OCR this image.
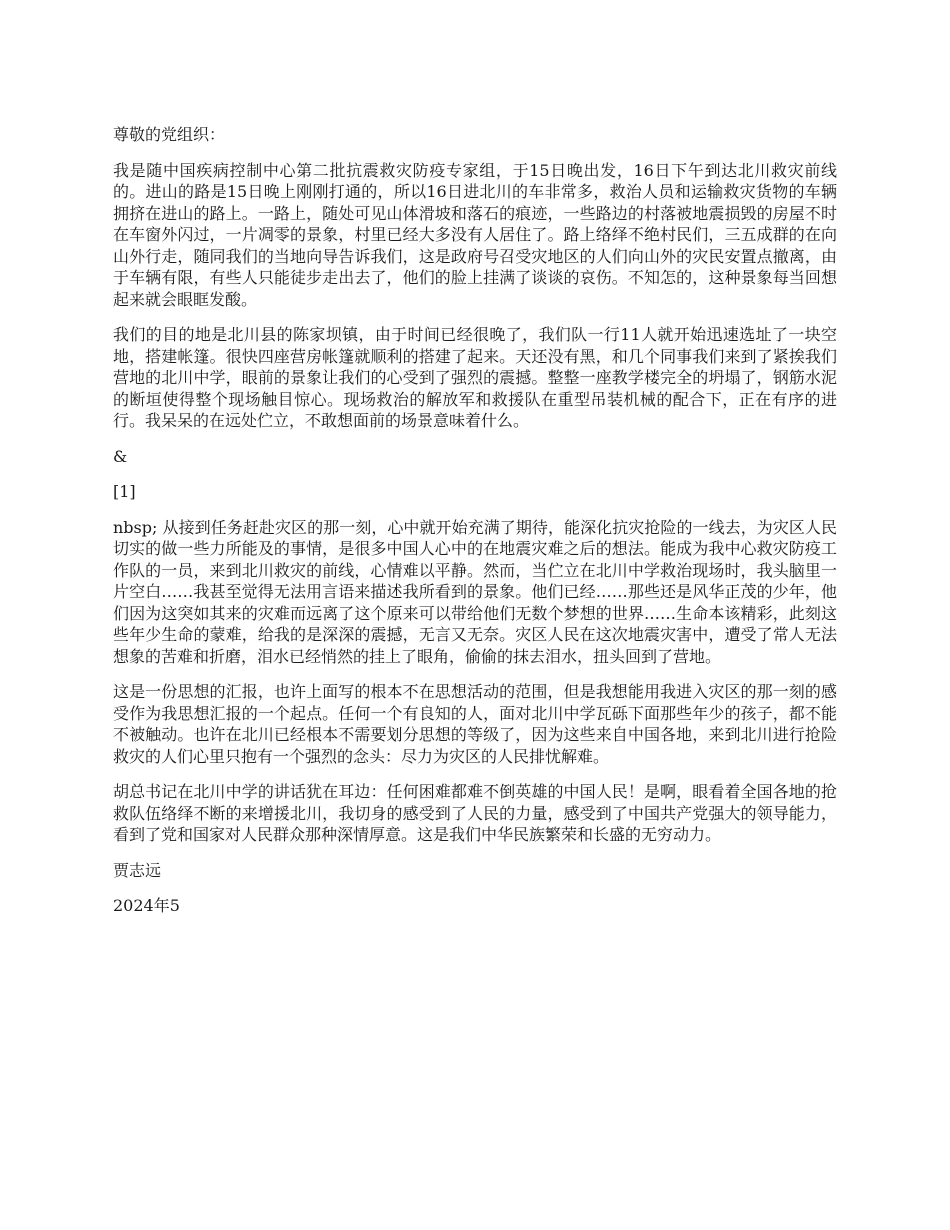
尊敬的党组织：

我是随中国疾病控制中心第二批抗震救灾防疫专家组，于15日晚出发，16日下午到达北川救灾前线的。进山的路是15日晚上刚刚打通的，所以16日进北川的车非常多，救治人员和运输救灾货物的车辆拥挤在进山的路上。一路上，随处可见山体滑坡和落石的痕迹，一些路边的村落被地震损毁的房屋不时在车窗外闪过，一片凋零的景象，村里已经大多没有人居住了。路上络绎不绝村民们，三五成群的在向山外行走，随同我们的当地向导告诉我们，这是政府号召受灾地区的人们向山外的灾民安置点撤离，由于车辆有限，有些人只能徒步走出去了，他们的脸上挂满了谈谈的哀伤。不知怎的，这种景象每当回想起来就会眼眶发酸。

我们的目的地是北川县的陈家坝镇，由于时间已经很晚了，我们队一行11人就开始迅速选址了一块空地，搭建帐篷。很快四座营房帐篷就顺利的搭建了起来。天还没有黑，和几个同事我们来到了紧挨我们营地的北川中学，眼前的景象让我们的心受到了强烈的震撼。整整一座教学楼完全的坍塌了，钢筋水泥的断垣使得整个现场触目惊心。现场救治的解放军和救援队在重型吊装机械的配合下，正在有序的进行。我呆呆的在远处伫立，不敢想面前的场景意味着什么。

&

[1]

nbsp; 从接到任务赶赴灾区的那一刻，心中就开始充满了期待，能深化抗灾抢险的一线去，为灾区人民切实的做一些力所能及的事情，是很多中国人心中的在地震灾难之后的想法。能成为我中心救灾防疫工作队的一员，来到北川救灾的前线，心情难以平静。然而，当伫立在北川中学救治现场时，我头脑里一片空白……我甚至觉得无法用言语来描述我所看到的景象。他们已经……那些还是风华正茂的少年，他们因为这突如其来的灾难而远离了这个原来可以带给他们无数个梦想的世界……生命本该精彩，此刻这些年少生命的蒙难，给我的是深深的震撼，无言又无奈。灾区人民在这次地震灾害中，遭受了常人无法想象的苦难和折磨，泪水已经悄然的挂上了眼角，偷偷的抹去泪水，扭头回到了营地。

这是一份思想的汇报，也许上面写的根本不在思想活动的范围，但是我想能用我进入灾区的那一刻的感受作为我思想汇报的一个起点。任何一个有良知的人，面对北川中学瓦砾下面那些年少的孩子，都不能不被触动。也许在北川已经根本不需要划分思想的等级了，因为这些来自中国各地，来到北川进行抢险救灾的人们心里只抱有一个强烈的念头：尽力为灾区的人民排忧解难。

胡总书记在北川中学的讲话犹在耳边：任何困难都难不倒英雄的中国人民！是啊，眼看着全国各地的抢救队伍络绎不断的来增援北川，我切身的感受到了人民的力量，感受到了中国共产党强大的领导能力，看到了党和国家对人民群众那种深情厚意。这是我们中华民族繁荣和长盛的无穷动力。

贾志远

2024年5
